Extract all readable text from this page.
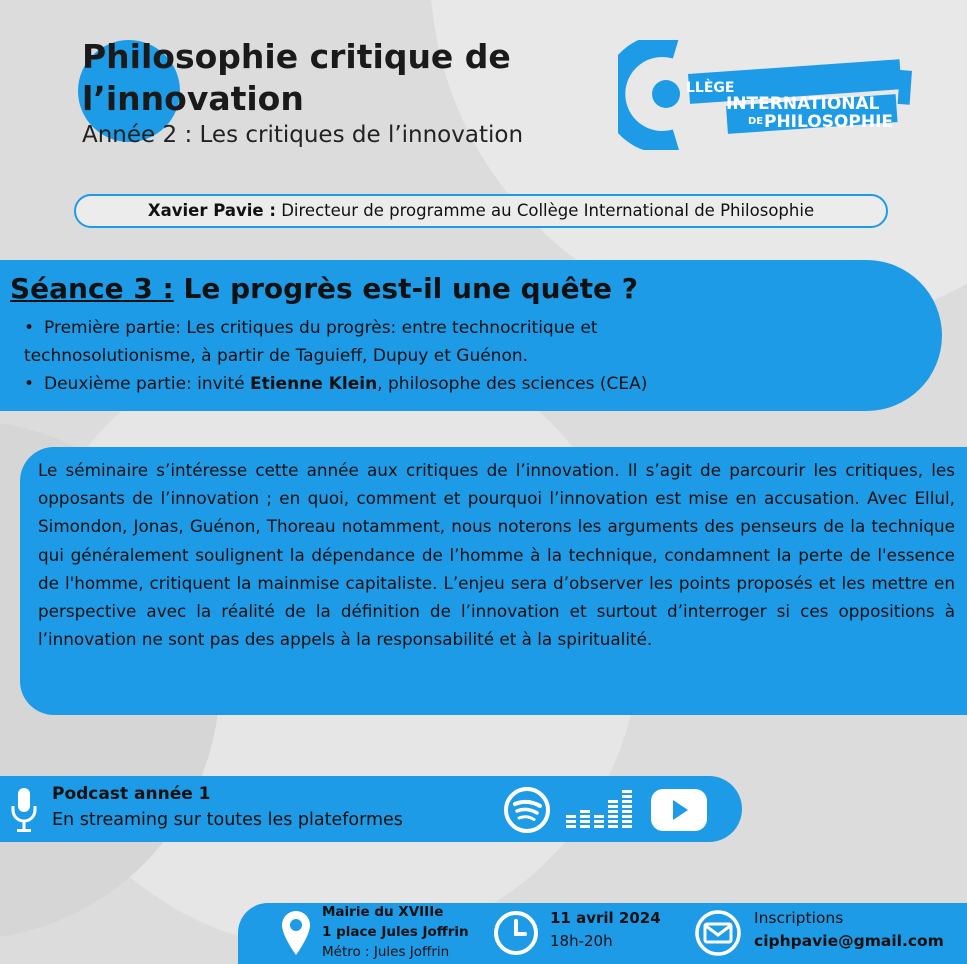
Philosophie critique de
l’innovation
Année 2 : Les critiques de l’innovation
LLÈGE
INTERNATIONAL
DE PHILOSOPHIE
Xavier Pavie : Directeur de programme au Collège International de Philosophie
Séance 3 : Le progrès est-il une quête ?
• Première partie: Les critiques du progrès: entre technocritique et
technosolutionisme, à partir de Taguieff, Dupuy et Guénon.
• Deuxième partie: invité Etienne Klein, philosophe des sciences (CEA)
Le séminaire s’intéresse cette année aux critiques de l’innovation. Il s’agit de parcourir les critiques, les opposants de l’innovation ; en quoi, comment et pourquoi l’innovation est mise en accusation. Avec Ellul, Simondon, Jonas, Guénon, Thoreau notamment, nous noterons les arguments des penseurs de la technique qui généralement soulignent la dépendance de l’homme à la technique, condamnent la perte de l'essence de l'homme, critiquent la mainmise capitaliste. L’enjeu sera d’observer les points proposés et les mettre en perspective avec la réalité de la définition de l’innovation et surtout d’interroger si ces oppositions à l’innovation ne sont pas des appels à la responsabilité et à la spiritualité.
Podcast année 1
En streaming sur toutes les plateformes
Mairie du XVIIIe
1 place Jules Joffrin
Métro : Jules Joffrin
11 avril 2024
18h-20h
Inscriptions
ciphpavie@gmail.com
